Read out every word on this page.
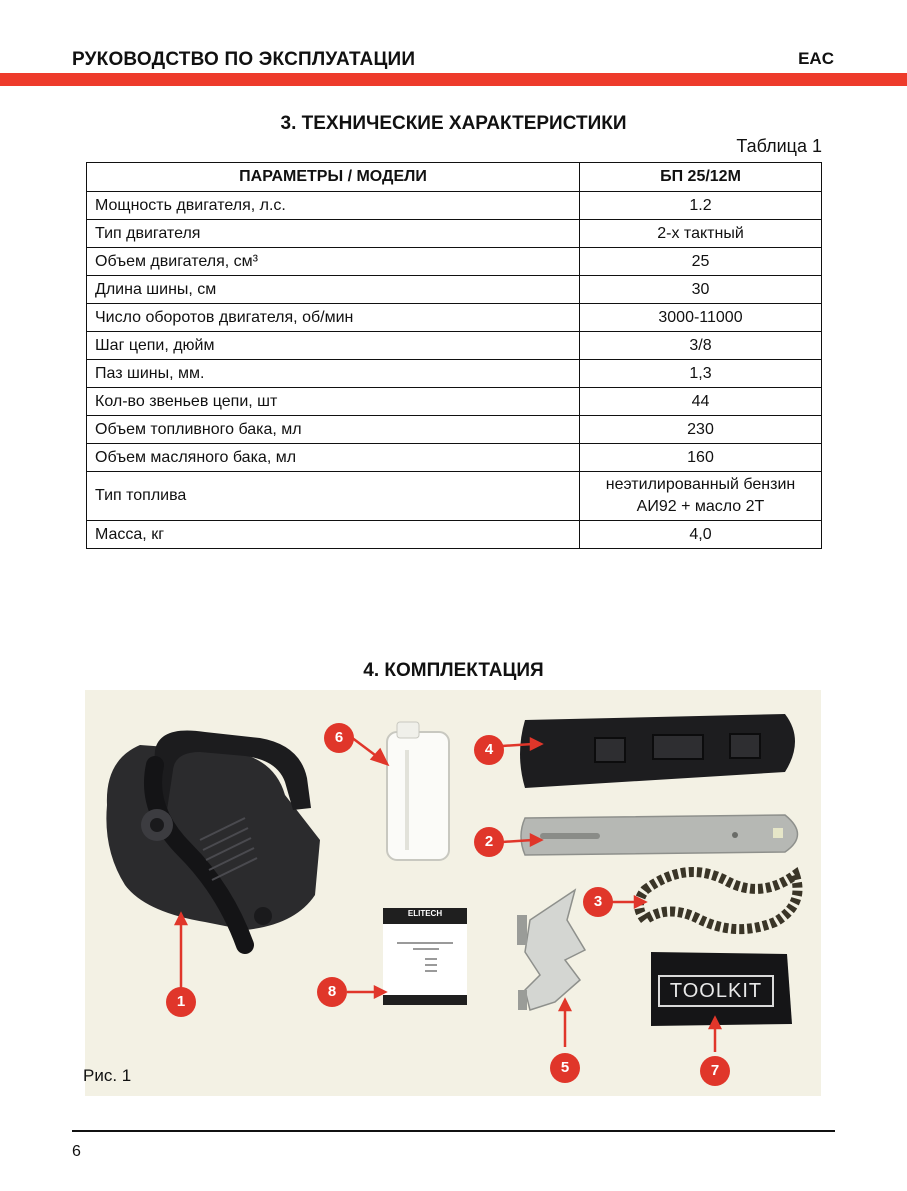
РУКОВОДСТВО ПО ЭКСПЛУАТАЦИИ	EAC
3. ТЕХНИЧЕСКИЕ ХАРАКТЕРИСТИКИ
Таблица 1
ПАРАМЕТРЫ / МОДЕЛИ	БП 25/12М
Мощность двигателя, л.с.	1.2
Тип двигателя	2-х тактный
Объем двигателя, см³	25
Длина шины, см	30
Число оборотов двигателя, об/мин	3000-11000
Шаг цепи, дюйм	3/8
Паз шины, мм.	1,3
Кол-во звеньев цепи, шт	44
Объем топливного бака, мл	230
Объем масляного бака, мл	160
Тип топлива	неэтилированный бензин
АИ92 + масло 2Т

Масса, кг	4,0
4. КОМПЛЕКТАЦИЯ
TOOLKIT
ELITECH
1
2
3
4
5
6
7
8
Рис. 1
6
